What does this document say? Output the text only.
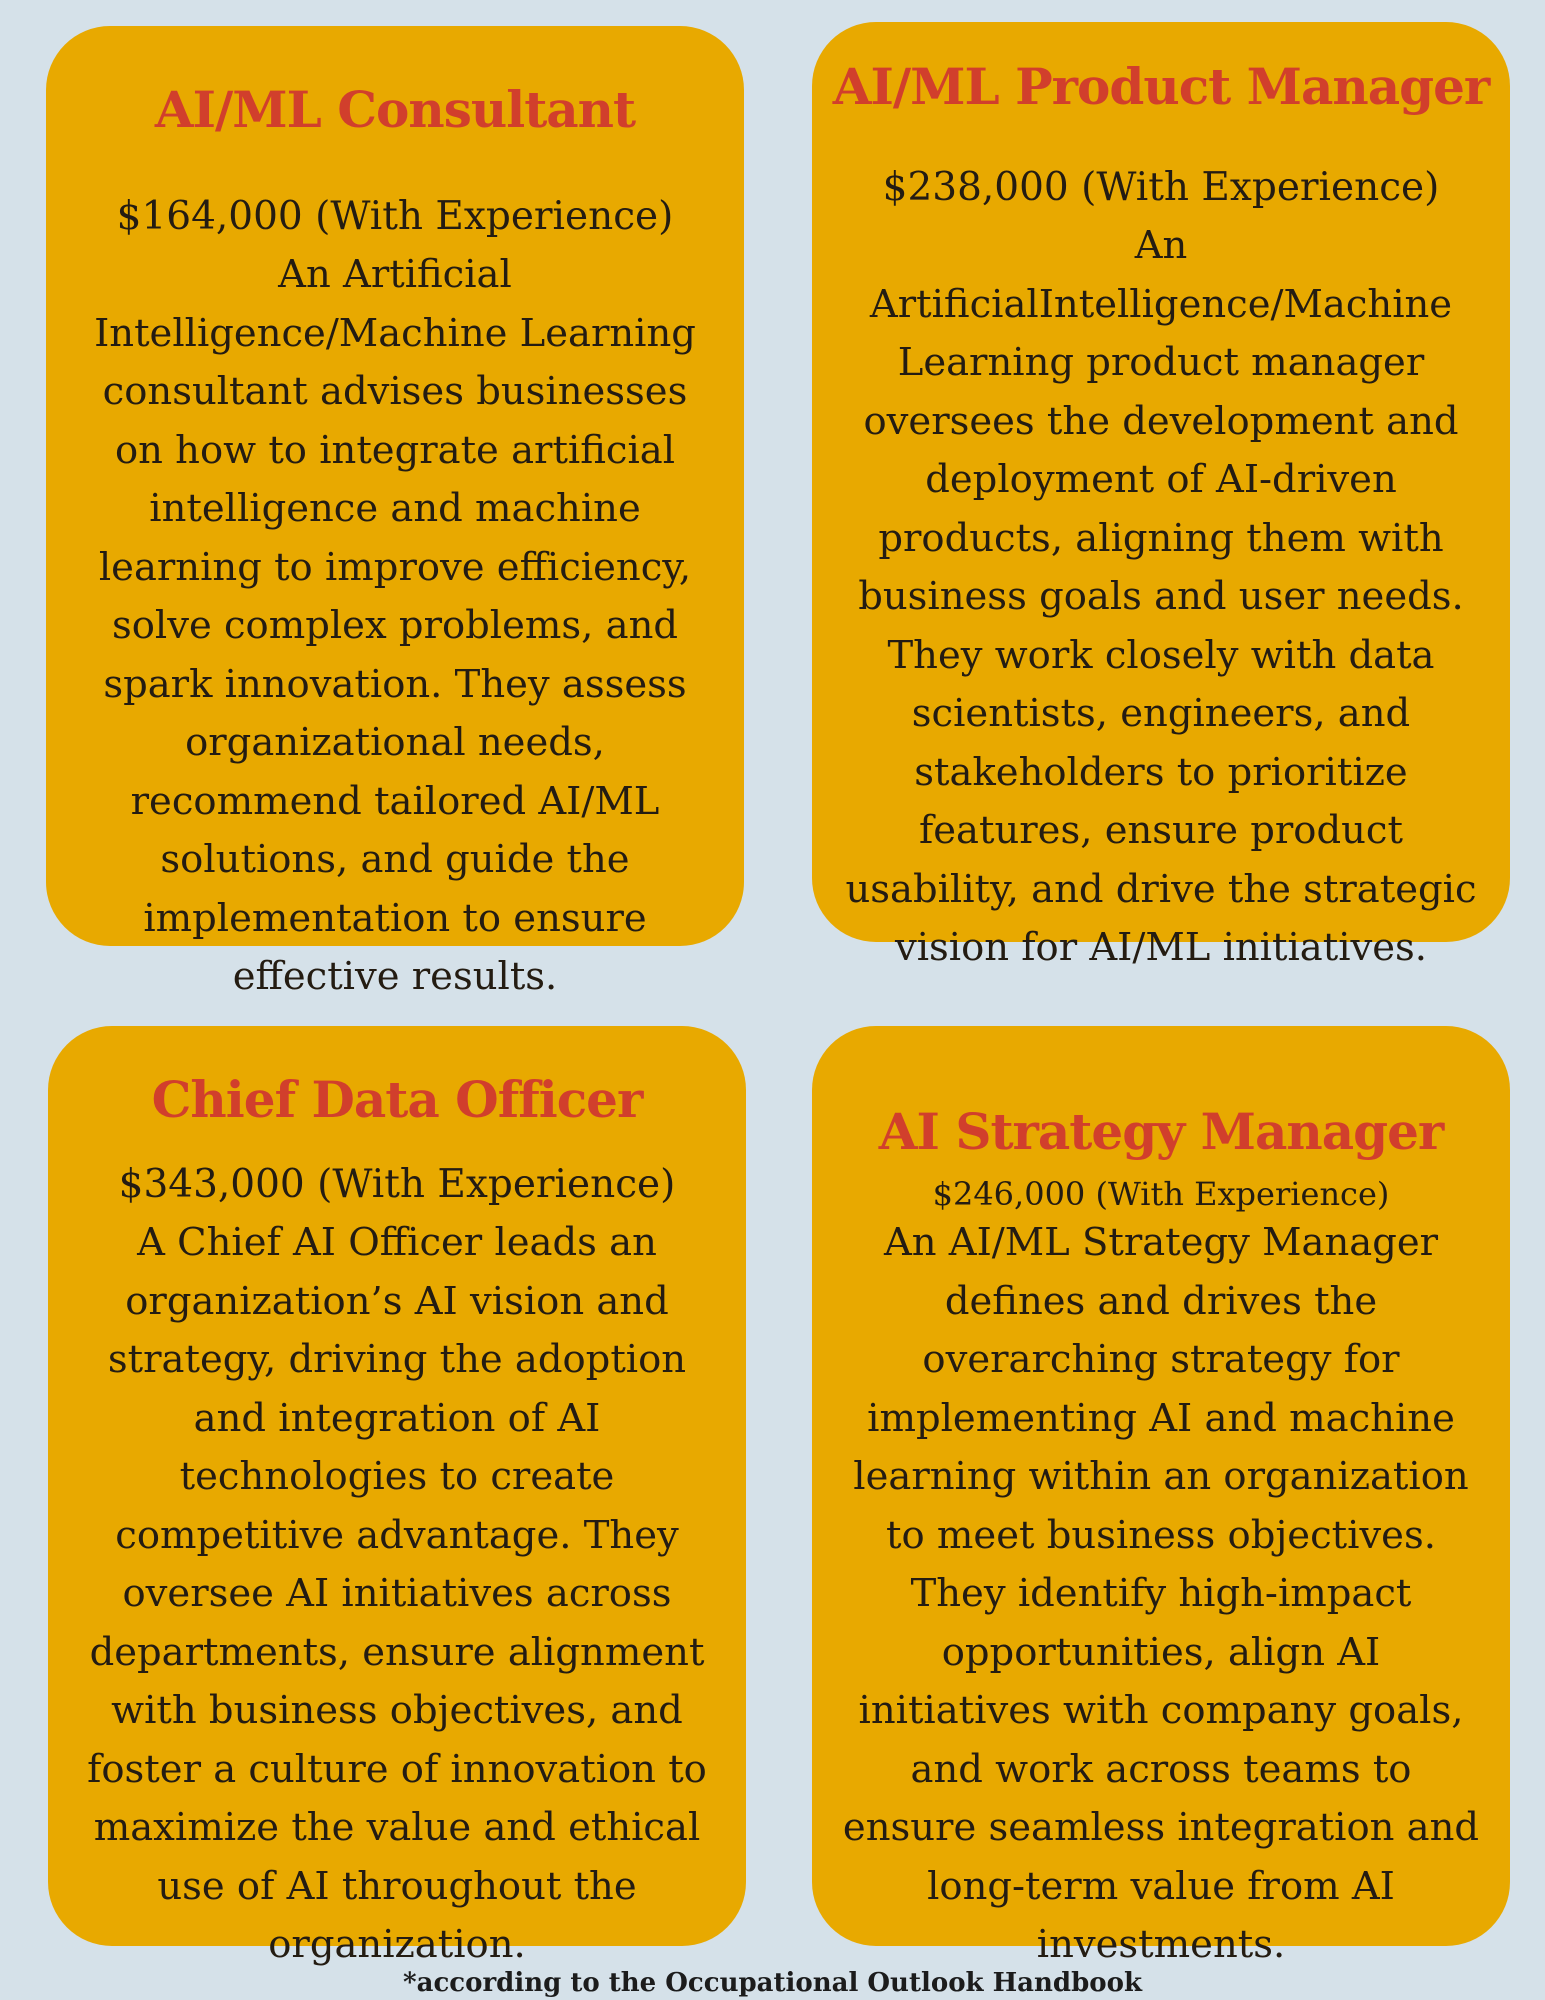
AI/ML Consultant

$164,000 (With Experience)

An Artificial Intelligence/Machine Learning consultant advises businesses on how to integrate artificial intelligence and machine learning to improve efficiency, solve complex problems, and spark innovation. They assess organizational needs, recommend tailored AI/ML solutions, and guide the implementation to ensure effective results.

AI/ML Product Manager

$238,000 (With Experience)

An ArtificialIntelligence/Machine Learning product manager oversees the development and deployment of AI-driven products, aligning them with business goals and user needs. They work closely with data scientists, engineers, and stakeholders to prioritize features, ensure product usability, and drive the strategic vision for AI/ML initiatives.

Chief Data Officer

$343,000 (With Experience)

A Chief AI Officer leads an organization’s AI vision and strategy, driving the adoption and integration of AI technologies to create competitive advantage. They oversee AI initiatives across departments, ensure alignment with business objectives, and foster a culture of innovation to maximize the value and ethical use of AI throughout the organization.

AI Strategy Manager

$246,000 (With Experience)

An AI/ML Strategy Manager defines and drives the overarching strategy for implementing AI and machine learning within an organization to meet business objectives. They identify high-impact opportunities, align AI initiatives with company goals, and work across teams to ensure seamless integration and long-term value from AI investments.

*according to the Occupational Outlook Handbook
